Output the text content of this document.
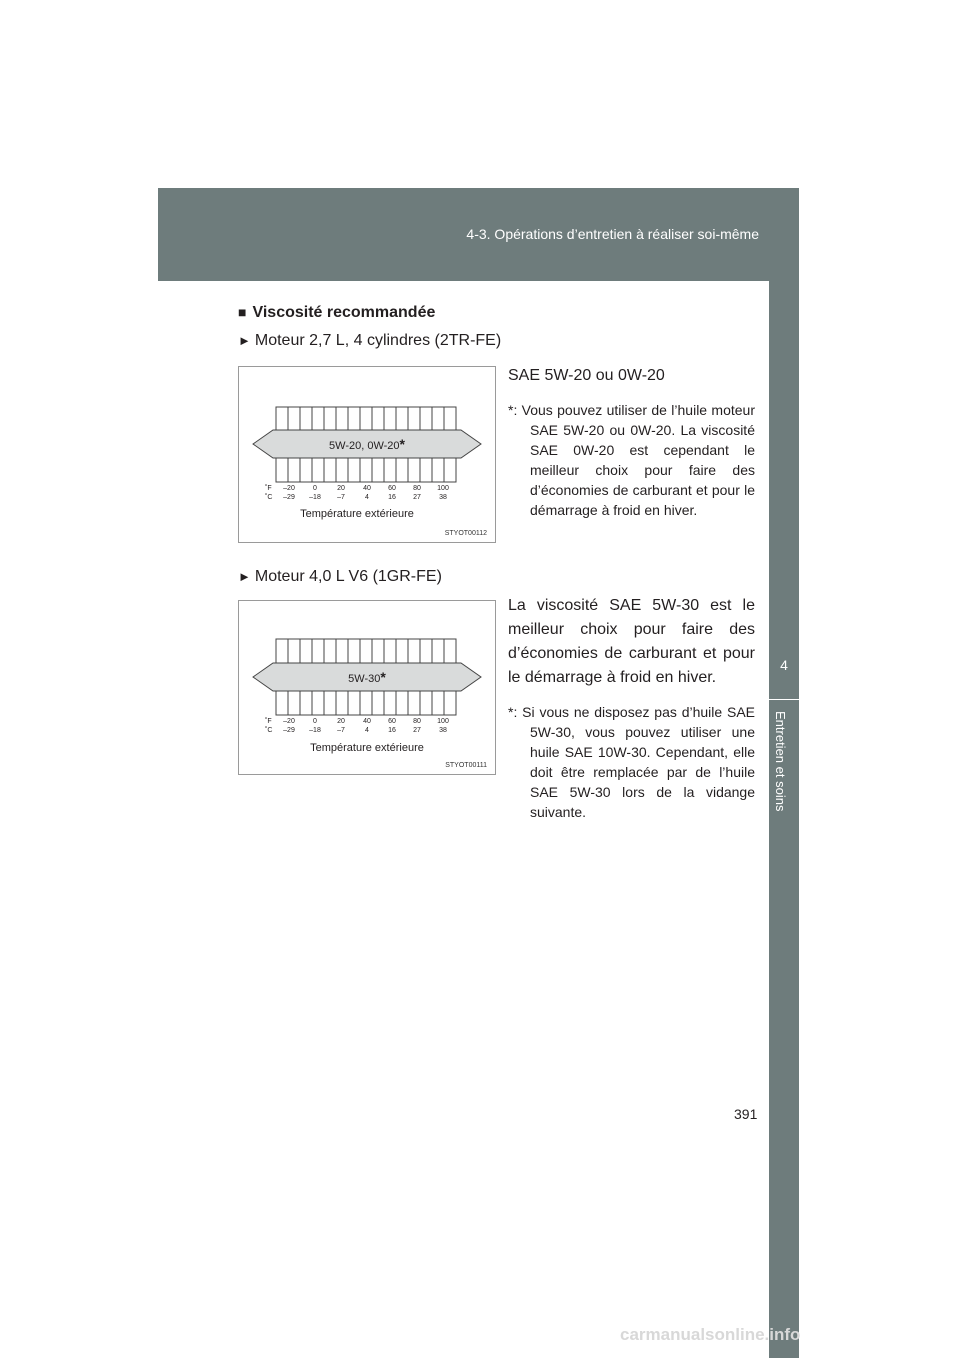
4-3. Opérations d’entretien à réaliser soi-même
4
Entretien et soins
■ Viscosité recommandée
► Moteur 2,7 L, 4 cylindres (2TR-FE)
5W-20, 0W-20*
˚F
˚C
–20	0	20	40 60 80 100
–29 –18 –7	4	16 27	38
Température extérieure
STYOT00112
SAE 5W-20 ou 0W-20
*: Vous pouvez utiliser de l’huile moteur SAE 5W-20 ou 0W-20. La viscosité SAE 0W-20 est cependant le meilleur choix pour faire des d’économies de carburant et pour le démarrage à froid en hiver.
► Moteur 4,0 L V6 (1GR-FE)
5W-30*
˚F
˚C
–20	0	20	40 60 80 100
–29 –18 –7	4	16 27	38
Température extérieure
STYOT00111
La viscosité SAE 5W-30 est le meilleur choix pour faire des d’économies de carburant et pour le démarrage à froid en hiver.
*: Si vous ne disposez pas d’huile SAE 5W-30, vous pouvez utiliser une huile SAE 10W-30. Cependant, elle doit être remplacée par de l’huile SAE 5W-30 lors de la vidange suivante.
391
carmanualsonline.info
